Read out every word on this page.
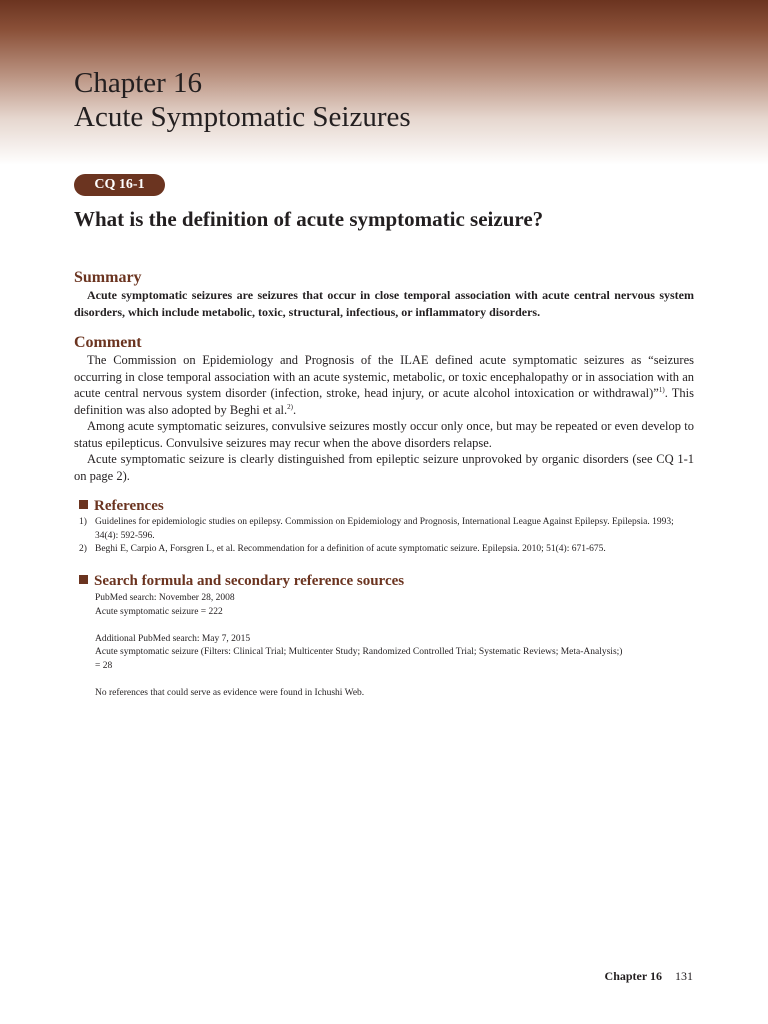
Chapter 16
Acute Symptomatic Seizures
CQ 16-1
What is the definition of acute symptomatic seizure?
Summary

Acute symptomatic seizures are seizures that occur in close temporal association with acute central nervous system disorders, which include metabolic, toxic, structural, infectious, or inflammatory disorders.

Comment

The Commission on Epidemiology and Prognosis of the ILAE defined acute symptomatic seizures as “seizures occurring in close temporal association with an acute systemic, metabolic, or toxic encephalopathy or in association with an acute central nervous system disorder (infection, stroke, head injury, or acute alcohol intoxication or withdrawal)”$^{1)}$. This definition was also adopted by Beghi et al.$^{2)}$.

Among acute symptomatic seizures, convulsive seizures mostly occur only once, but may be repeated or even develop to status epilepticus. Convulsive seizures may recur when the above disorders relapse.

Acute symptomatic seizure is clearly distinguished from epileptic seizure unprovoked by organic disorders (see CQ 1-1 on page 2).

References
1) Guidelines for epidemiologic studies on epilepsy. Commission on Epidemiology and Prognosis, International League Against Epilepsy. Epilepsia. 1993; 34(4): 592-596.
2) Beghi E, Carpio A, Forsgren L, et al. Recommendation for a definition of acute symptomatic seizure. Epilepsia. 2010; 51(4): 671-675.
Search formula and secondary reference sources
PubMed search: November 28, 2008
Acute symptomatic seizure = 222
Additional PubMed search: May 7, 2015
Acute symptomatic seizure (Filters: Clinical Trial; Multicenter Study; Randomized Controlled Trial; Systematic Reviews; Meta-Analysis;)
= 28
No references that could serve as evidence were found in Ichushi Web.
Chapter 16 131
